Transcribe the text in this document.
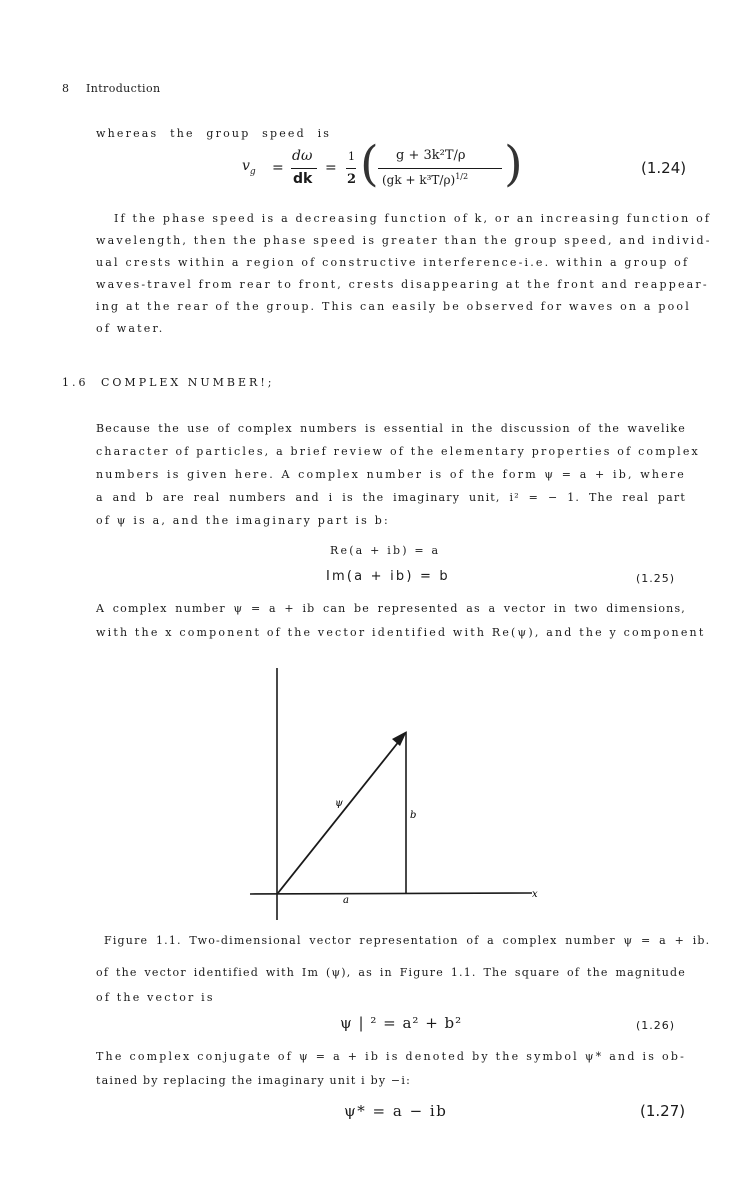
8 Introduction
whereas the group speed is
$v_g$ =
dω
dk
=
1
2 ( g + 3k²T/ρ
(gk + k³T/ρ)$^{1/2}$ )	(1.24)
If the phase speed is a decreasing function of k, or an increasing function of
wavelength, then the phase speed is greater than the group speed, and individ-
ual crests within a region of constructive interference-i.e. within a group of
waves-travel from rear to front, crests disappearing at the front and reappear-
ing at the rear of the group. This can easily be observed for waves on a pool
of water.
1.6 COMPLEX NUMBER!;
Because the use of complex numbers is essential in the discussion of the wavelike
character of particles, a brief review of the elementary properties of complex
numbers is given here. A complex number is of the form ψ = a + ib, where
a and b are real numbers and i is the imaginary unit, i² = − 1. The real part
of ψ is a, and the imaginary part is b:
Re(a + ib) = a
Im(a + ib) = b	(1.25)
A complex number ψ = a + ib can be represented as a vector in two dimensions,
with the x component of the vector identified with Re(ψ), and the y component
ψ
b
a
x
Figure 1.1. Two-dimensional vector representation of a complex number ψ = a + ib.
of the vector identified with Im (ψ), as in Figure 1.1. The square of the magnitude
of the vector is
ψ | ² = a² + b²	(1.26)
The complex conjugate of ψ = a + ib is denoted by the symbol ψ* and is ob-
tained by replacing the imaginary unit i by −i:
ψ* = a − ib	(1.27)
